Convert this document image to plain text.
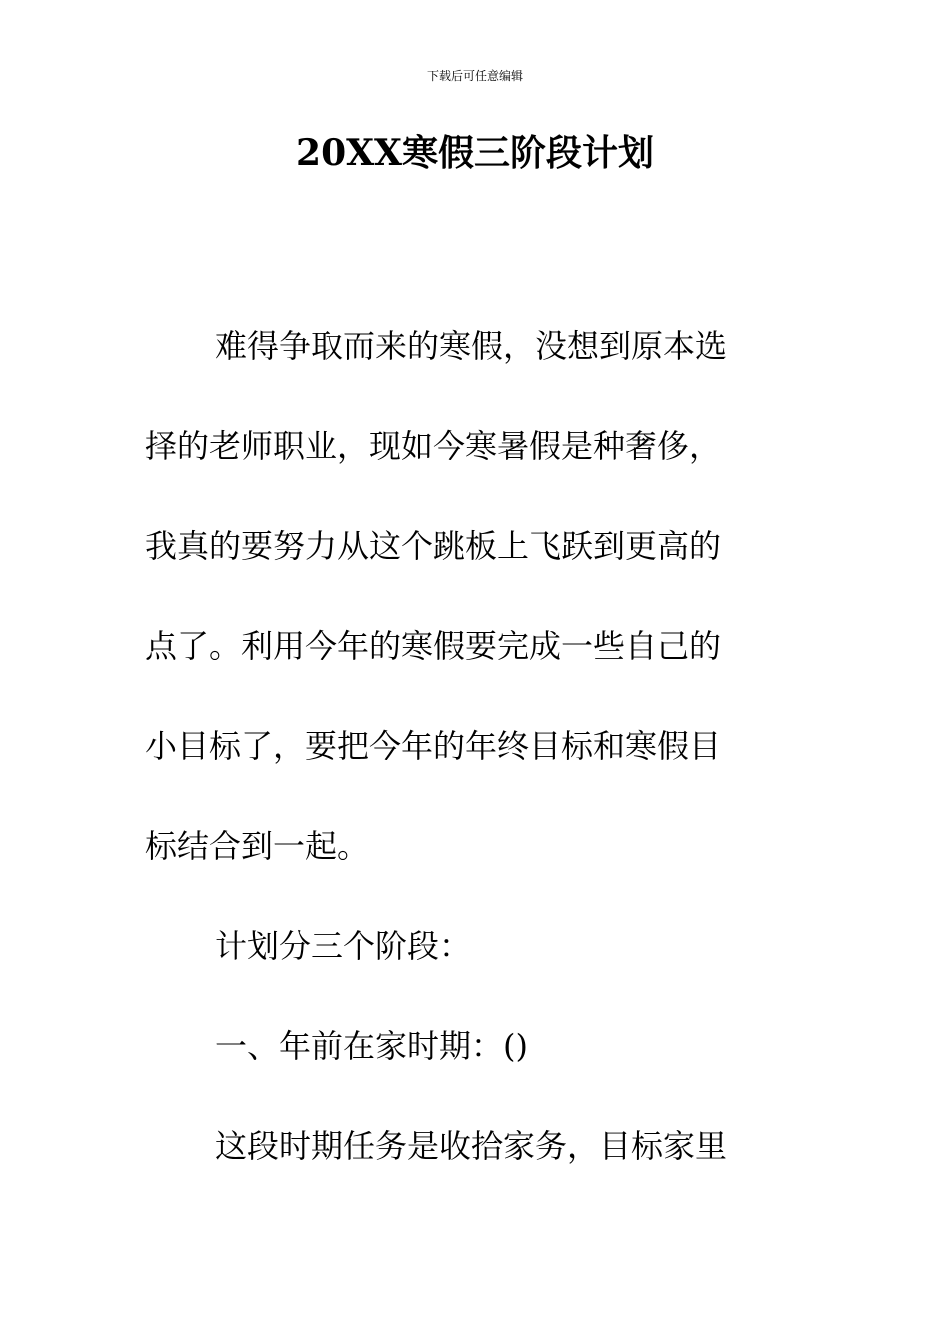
下载后可任意编辑
20XX寒假三阶段计划

难得争取而来的寒假，没想到原本选

择的老师职业，现如今寒暑假是种奢侈，

我真的要努力从这个跳板上飞跃到更高的

点了。利用今年的寒假要完成一些自己的

小目标了，要把今年的年终目标和寒假目

标结合到一起。

计划分三个阶段：

一、年前在家时期：()

这段时期任务是收拾家务，目标家里
